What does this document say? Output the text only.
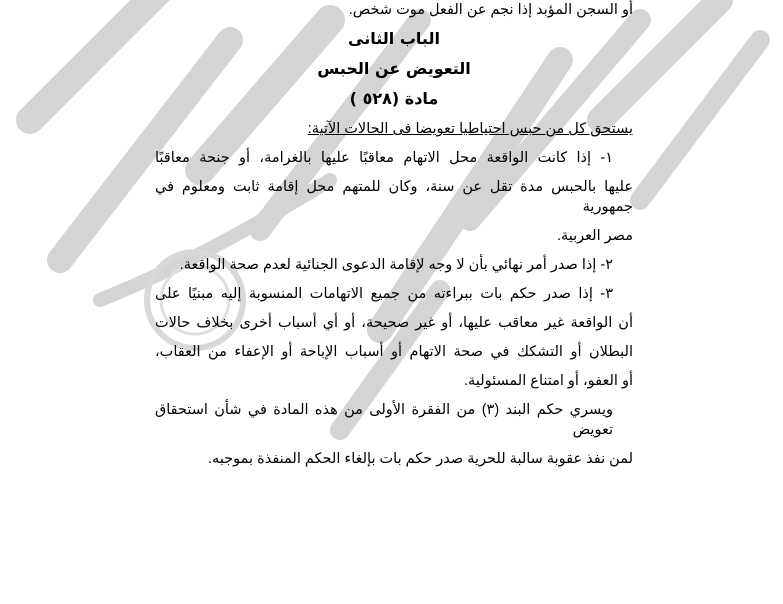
أو السجن المؤبد إذا نجم عن الفعل موت شخص.
الباب الثانى
التعويض عن الحبس
مادة (٥٢٨ )
يستحق كل من حبس احتياطيا تعويضا فى الحالات الآتية:
١- إذا كانت الواقعة محل الاتهام معاقبًا عليها بالغرامة، أو جنحة معاقبًا
عليها بالحبس مدة تقل عن سنة، وكان للمتهم محل إقامة ثابت ومعلوم في جمهورية
مصر العربية.
٢- إذا صدر أمر نهائي بأن لا وجه لإقامة الدعوى الجنائية لعدم صحة الواقعة.
٣- إذا صدر حكم بات ببراءته من جميع الاتهامات المنسوبة إليه مبنيًا على
أن الواقعة غير معاقب عليها، أو غير صحيحة، أو أي أسباب أخرى بخلاف حالات
البطلان أو التشكك في صحة الاتهام أو أسباب الإباحة أو الإعفاء من العقاب،
أو العفو، أو امتناع المسئولية.
ويسري حكم البند (٣) من الفقرة الأولى من هذه المادة في شأن استحقاق تعويض
لمن نفذ عقوبة سالبة للحرية صدر حكم بات بإلغاء الحكم المنفذة بموجبه.
